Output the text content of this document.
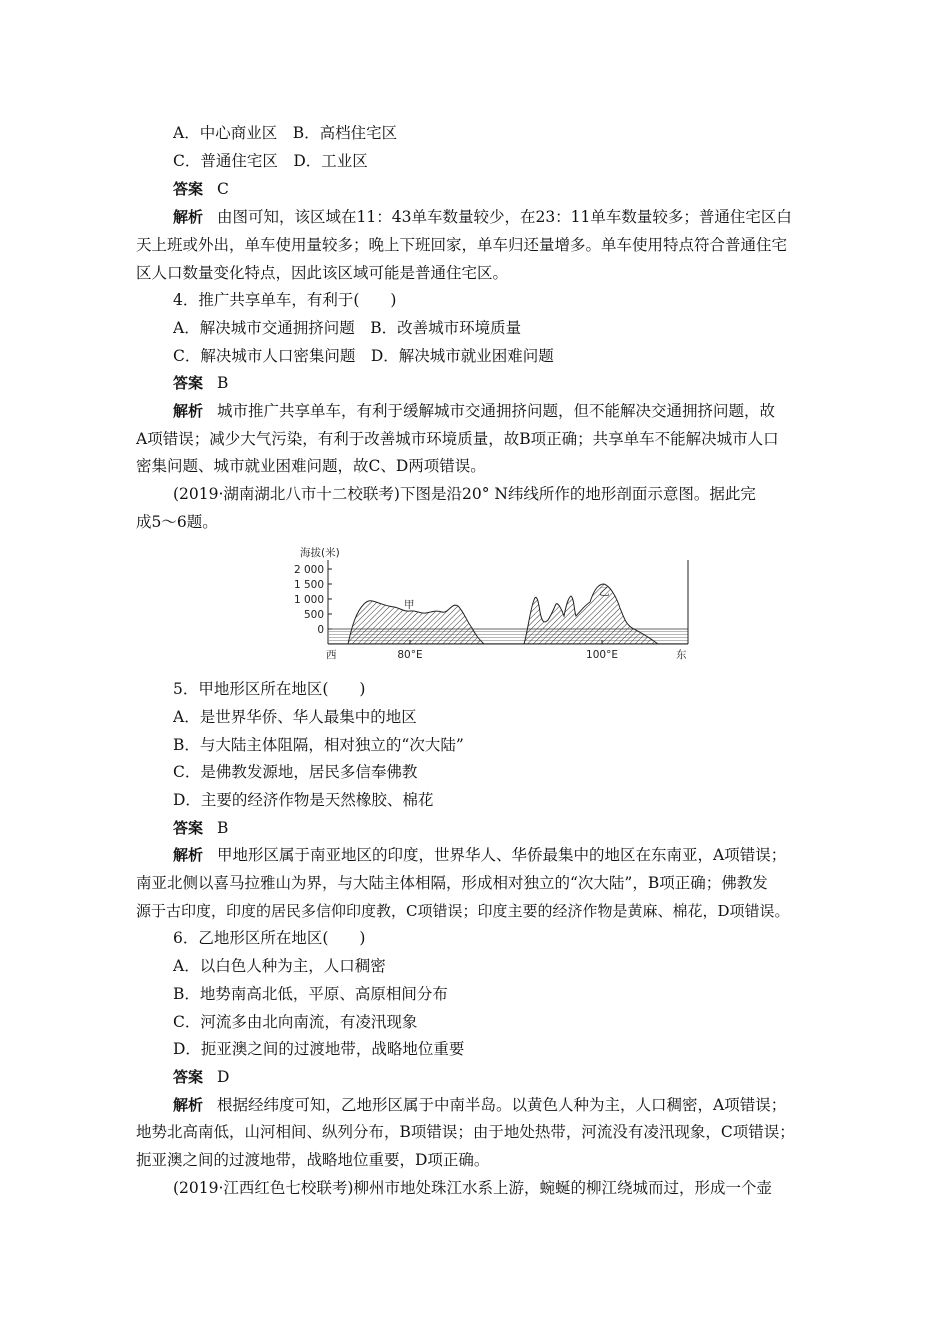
A．中心商业区　B．高档住宅区
C．普通住宅区　D．工业区
答案 C
解析 由图可知，该区域在11：43单车数量较少，在23：11单车数量较多；普通住宅区白
天上班或外出，单车使用量较多；晚上下班回家，单车归还量增多。单车使用特点符合普通住宅
区人口数量变化特点，因此该区域可能是普通住宅区。
4．推广共享单车，有利于(　　)
A．解决城市交通拥挤问题　B．改善城市环境质量
C．解决城市人口密集问题　D．解决城市就业困难问题
答案 B
解析 城市推广共享单车，有利于缓解城市交通拥挤问题，但不能解决交通拥挤问题，故
A项错误；减少大气污染，有利于改善城市环境质量，故B项正确；共享单车不能解决城市人口
密集问题、城市就业困难问题，故C、D两项错误。
(2019·湖南湖北八市十二校联考)下图是沿20° N纬线所作的地形剖面示意图。据此完
成5～6题。
海拔(米)
2 000
1 500
1 000
500
0
甲
乙
西	80°E	100°E	东
5．甲地形区所在地区(　　)
A．是世界华侨、华人最集中的地区
B．与大陆主体阻隔，相对独立的“次大陆”
C．是佛教发源地，居民多信奉佛教
D．主要的经济作物是天然橡胶、棉花
答案 B
解析 甲地形区属于南亚地区的印度，世界华人、华侨最集中的地区在东南亚，A项错误；
南亚北侧以喜马拉雅山为界，与大陆主体相隔，形成相对独立的“次大陆”，B项正确；佛教发
源于古印度，印度的居民多信仰印度教，C项错误；印度主要的经济作物是黄麻、棉花，D项错误。
6．乙地形区所在地区(　　)
A．以白色人种为主，人口稠密
B．地势南高北低，平原、高原相间分布
C．河流多由北向南流，有凌汛现象
D．扼亚澳之间的过渡地带，战略地位重要
答案 D
解析 根据经纬度可知，乙地形区属于中南半岛。以黄色人种为主，人口稠密，A项错误；
地势北高南低，山河相间、纵列分布，B项错误；由于地处热带，河流没有凌汛现象，C项错误；
扼亚澳之间的过渡地带，战略地位重要，D项正确。
(2019·江西红色七校联考)柳州市地处珠江水系上游，蜿蜒的柳江绕城而过，形成一个壶
